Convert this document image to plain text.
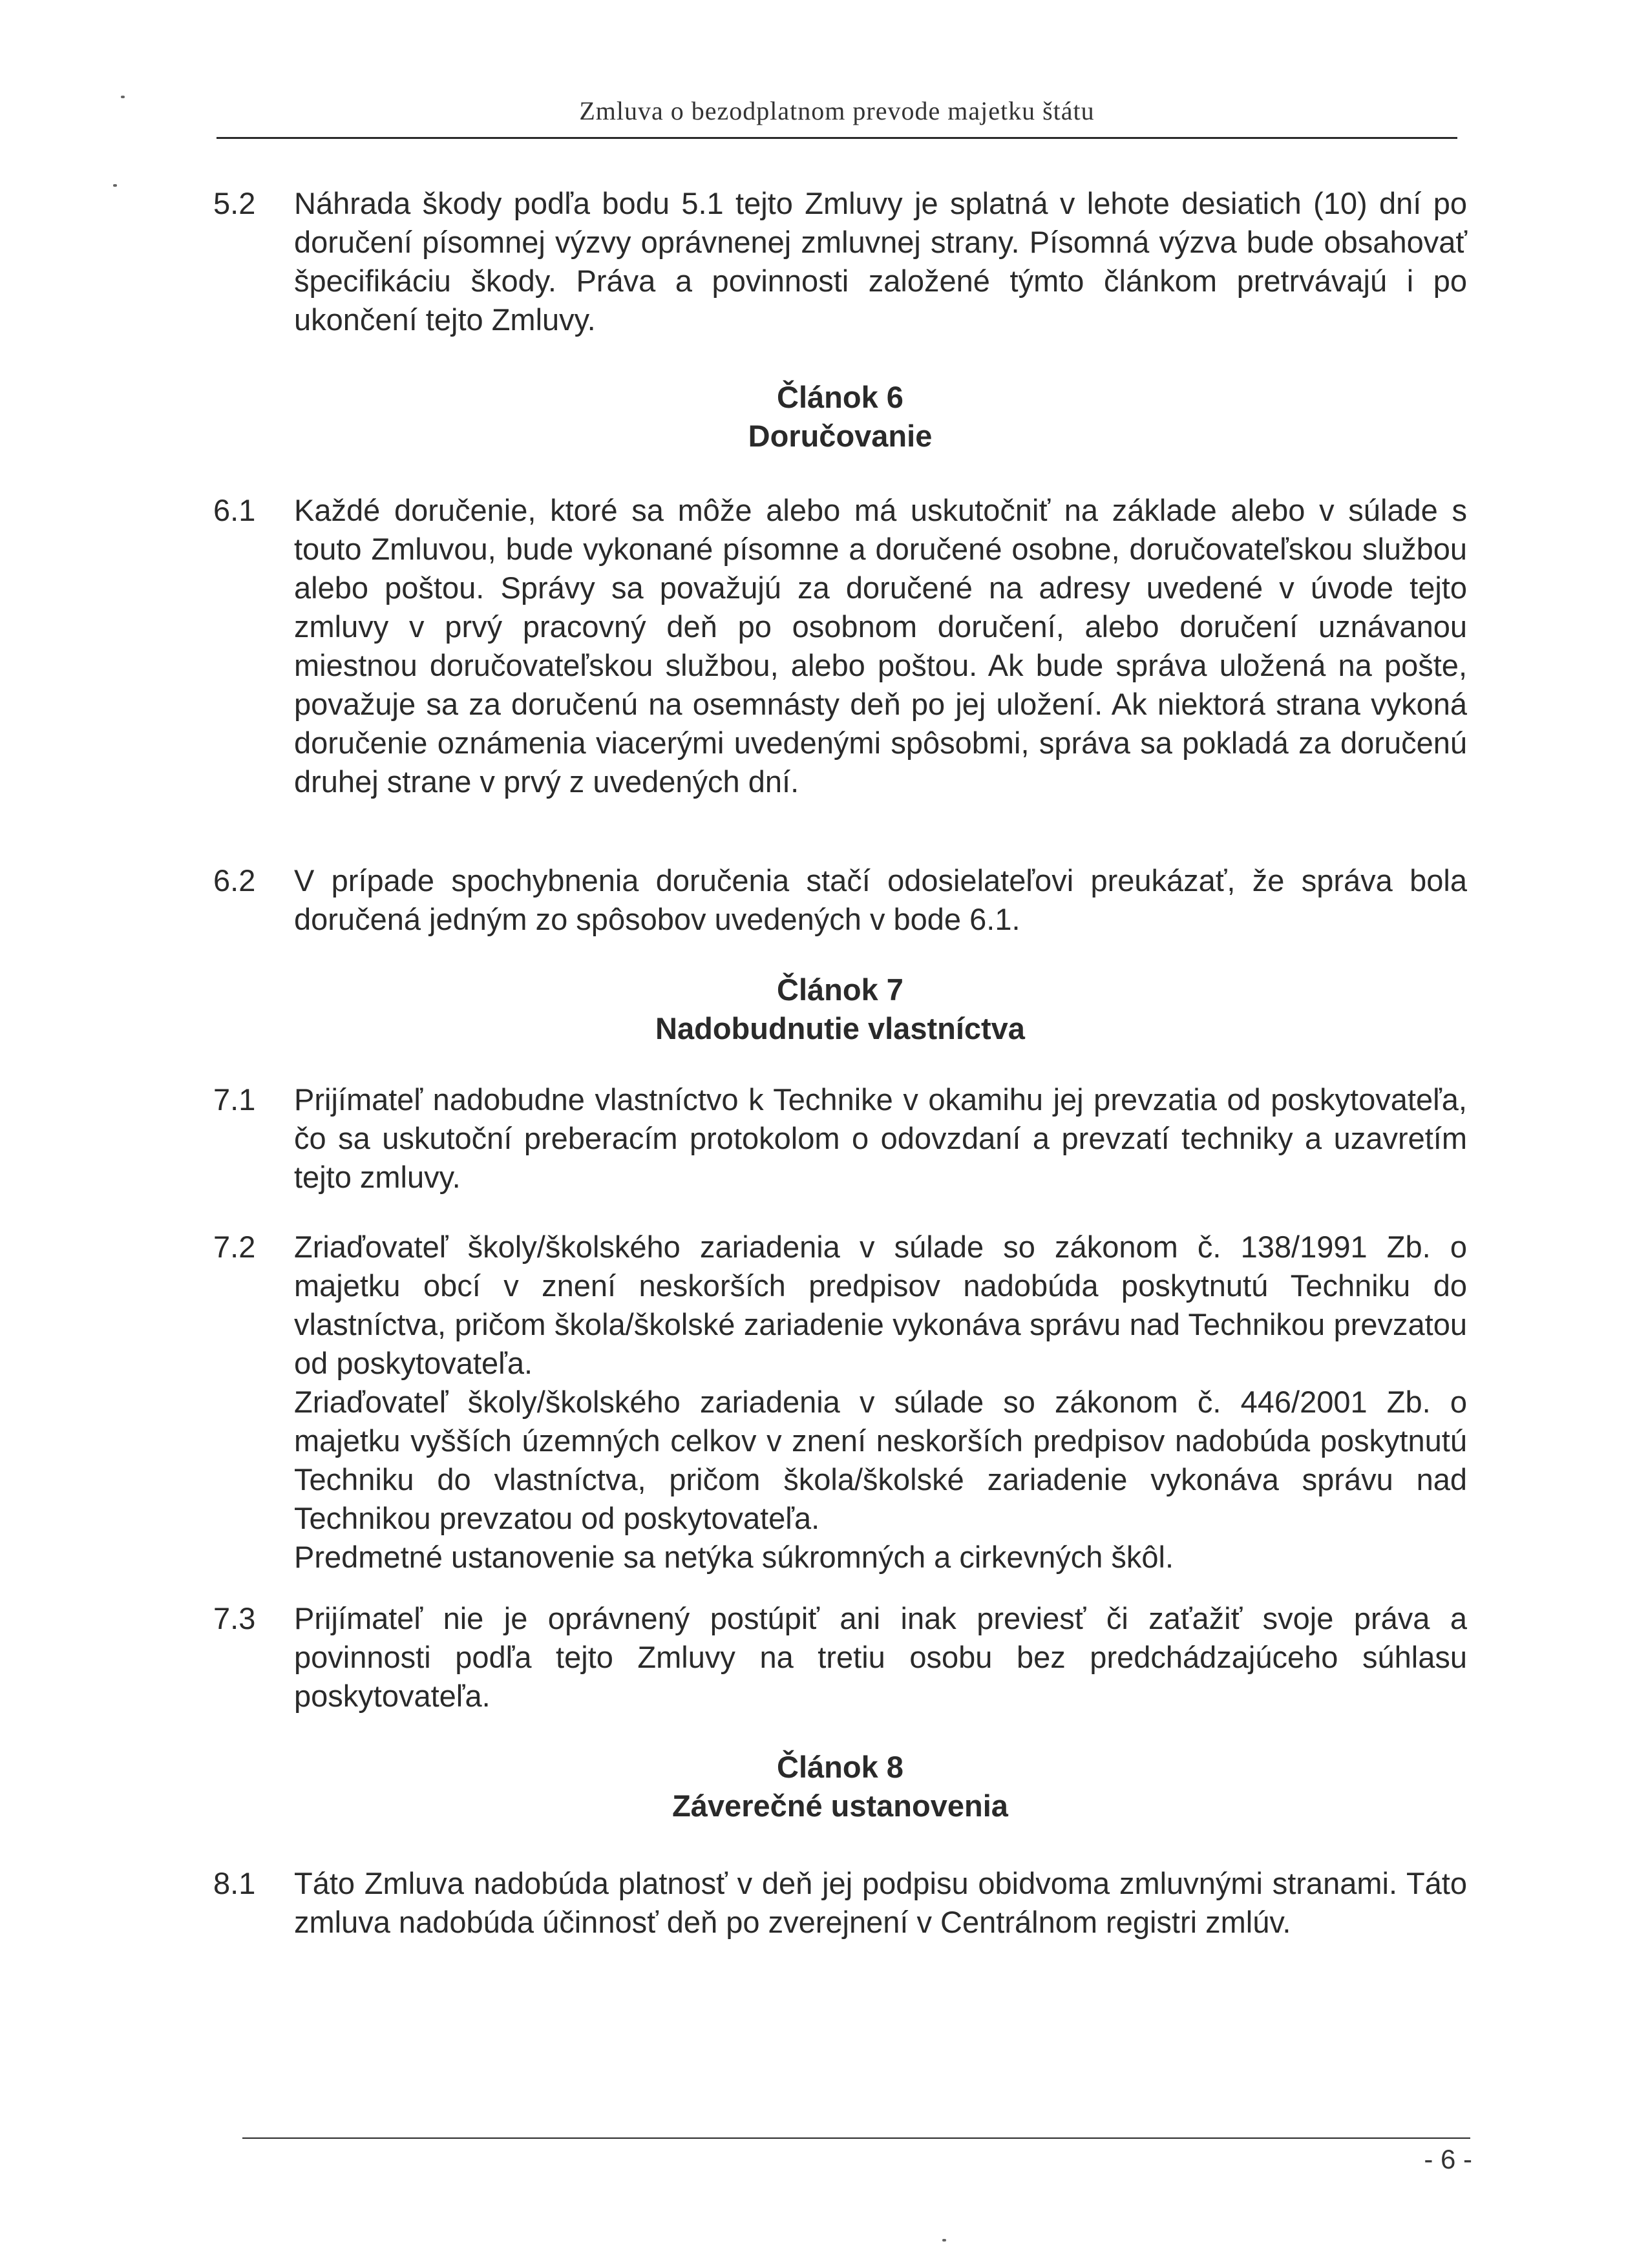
Zmluva o bezodplatnom prevode majetku štátu
5.2	Náhrada škody podľa bodu 5.1 tejto Zmluvy je splatná v lehote desiatich (10) dní po doručení písomnej výzvy oprávnenej zmluvnej strany. Písomná výzva bude obsahovať špecifikáciu škody. Práva a povinnosti založené týmto článkom pretrvávajú i po ukončení tejto Zmluvy.

Článok 6
Doručovanie
6.1	Každé doručenie, ktoré sa môže alebo má uskutočniť na základe alebo v súlade s touto Zmluvou, bude vykonané písomne a doručené osobne, doručovateľskou službou alebo poštou. Správy sa považujú za doručené na adresy uvedené v úvode tejto zmluvy v prvý pracovný deň po osobnom doručení, alebo doručení uznávanou miestnou doručovateľskou službou, alebo poštou. Ak bude správa uložená na pošte, považuje sa za doručenú na osemnásty deň po jej uložení. Ak niektorá strana vykoná doručenie oznámenia viacerými uvedenými spôsobmi, správa sa pokladá za doručenú druhej strane v prvý z uvedených dní.

6.2	V prípade spochybnenia doručenia stačí odosielateľovi preukázať, že správa bola doručená jedným zo spôsobov uvedených v bode 6.1.

Článok 7
Nadobudnutie vlastníctva
7.1	Prijímateľ nadobudne vlastníctvo k Technike v okamihu jej prevzatia od poskytovateľa, čo sa uskutoční preberacím protokolom o odovzdaní a prevzatí techniky a uzavretím tejto zmluvy.

7.2	Zriaďovateľ školy/školského zariadenia v súlade so zákonom č. 138/1991 Zb. o majetku obcí v znení neskorších predpisov nadobúda poskytnutú Techniku do vlastníctva, pričom škola/školské zariadenie vykonáva správu nad Technikou prevzatou od poskytovateľa.

Zriaďovateľ školy/školského zariadenia v súlade so zákonom č. 446/2001 Zb. o majetku vyšších územných celkov v znení neskorších predpisov nadobúda poskytnutú Techniku do vlastníctva, pričom škola/školské zariadenie vykonáva správu nad Technikou prevzatou od poskytovateľa.

Predmetné ustanovenie sa netýka súkromných a cirkevných škôl.

7.3	Prijímateľ nie je oprávnený postúpiť ani inak previesť či zaťažiť svoje práva a povinnosti podľa tejto Zmluvy na tretiu osobu bez predchádzajúceho súhlasu poskytovateľa.

Článok 8
Záverečné ustanovenia
8.1	Táto Zmluva nadobúda platnosť v deň jej podpisu obidvoma zmluvnými stranami. Táto zmluva nadobúda účinnosť deň po zverejnení v Centrálnom registri zmlúv.

- 6 -
